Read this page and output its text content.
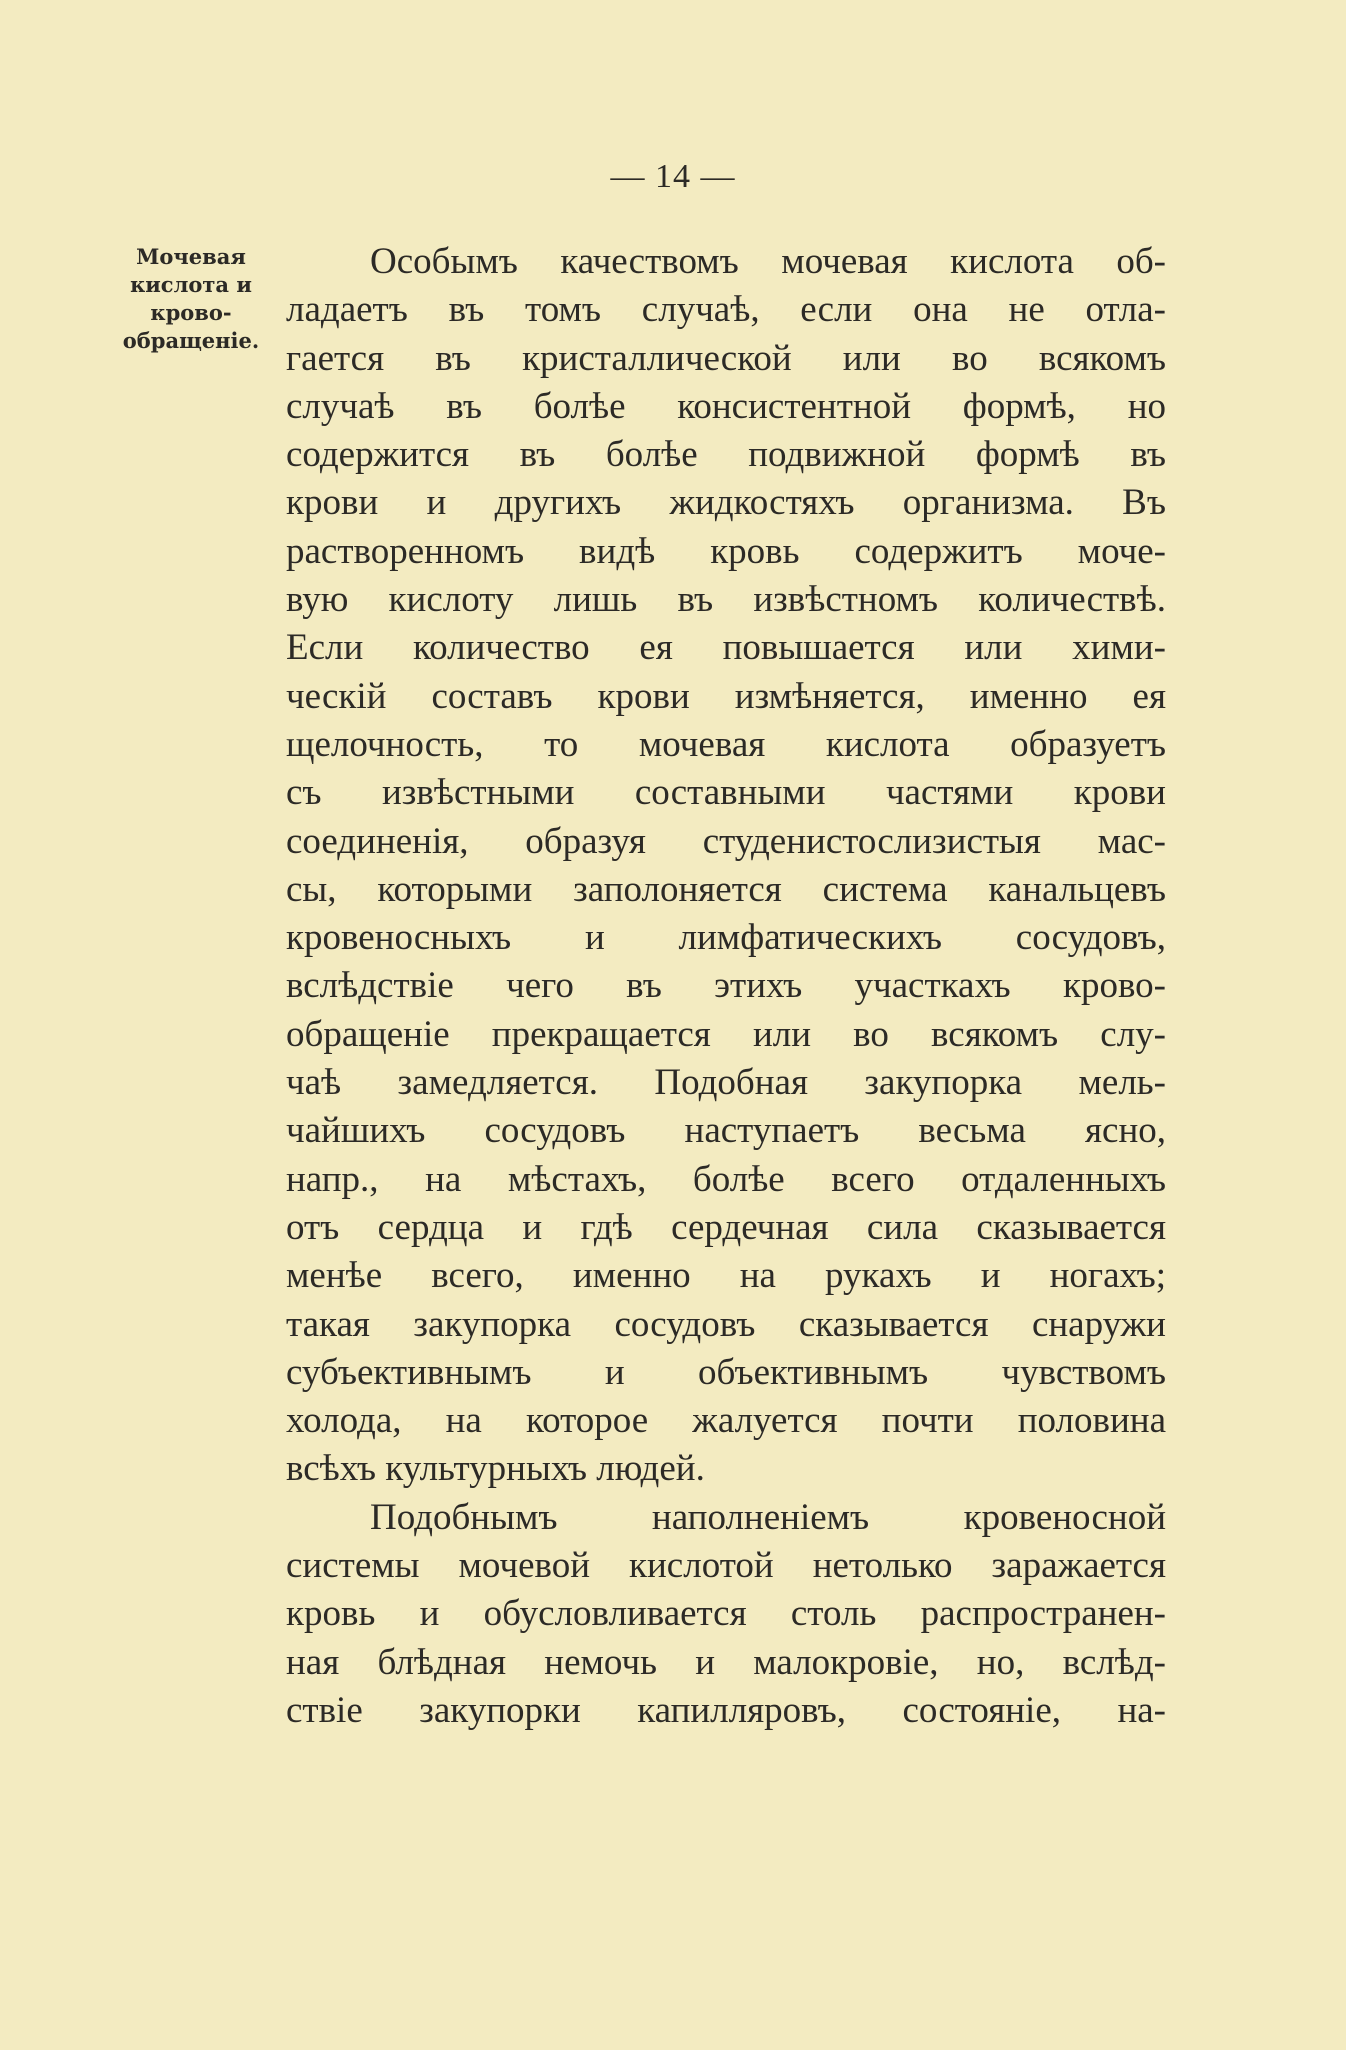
— 14 —
Мочевая
кислота и
крово-
обращеніе.
Особымъ качествомъ мочевая кислота об-
ладаетъ въ томъ случаѣ, если она не отла-
гается въ кристаллической или во всякомъ
случаѣ въ болѣе консистентной формѣ, но
содержится въ болѣе подвижной формѣ въ
крови и другихъ жидкостяхъ организма. Въ
растворенномъ видѣ кровь содержитъ моче-
вую кислоту лишь въ извѣстномъ количествѣ.
Если количество ея повышается или хими-
ческій составъ крови измѣняется, именно ея
щелочность, то мочевая кислота образуетъ
съ извѣстными составными частями крови
соединенія, образуя студенистослизистыя мас-
сы, которыми заполоняется система канальцевъ
кровеносныхъ и лимфатическихъ сосудовъ,
вслѣдствіе чего въ этихъ участкахъ крово-
обращеніе прекращается или во всякомъ слу-
чаѣ замедляется. Подобная закупорка мель-
чайшихъ сосудовъ наступаетъ весьма ясно,
напр., на мѣстахъ, болѣе всего отдаленныхъ
отъ сердца и гдѣ сердечная сила сказывается
менѣе всего, именно на рукахъ и ногахъ;
такая закупорка сосудовъ сказывается снаружи
субъективнымъ и объективнымъ чувствомъ
холода, на которое жалуется почти половина
всѣхъ культурныхъ людей.
Подобнымъ наполненіемъ кровеносной
системы мочевой кислотой нетолько заражается
кровь и обусловливается столь распространен-
ная блѣдная немочь и малокровіе, но, вслѣд-
ствіе закупорки капилляровъ, состояніе, на-
